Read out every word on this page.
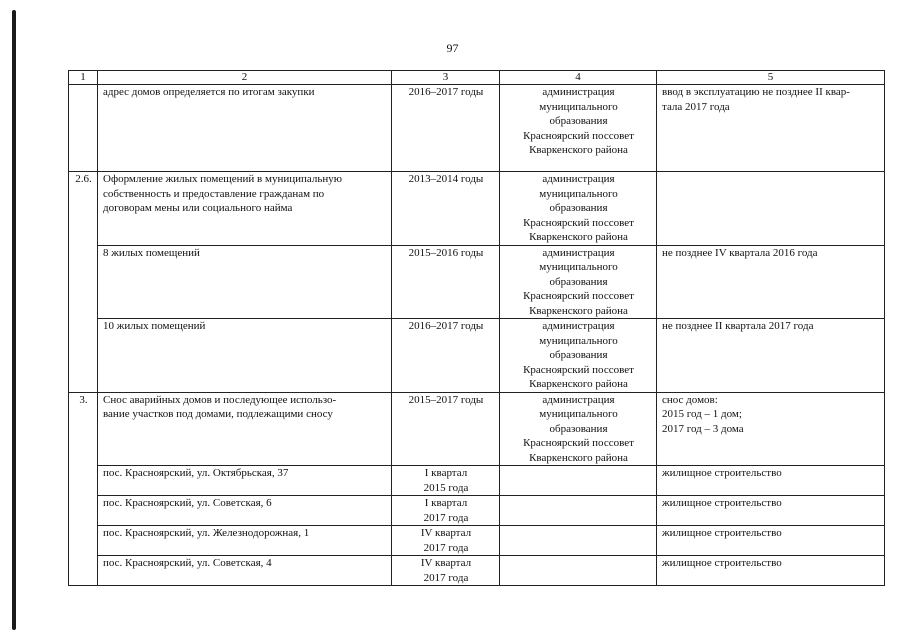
97
1	2	3	4	5
	адрес домов определяется по итогам закупки	2016–2017 годы	администрация
муниципального
образования
Красноярский поссовет
Кваркенского района	ввод в эксплуатацию не позднее II квар-
тала 2017 года
2.6.	Оформление жилых помещений в муниципальную
собственность и предоставление гражданам по
договорам мены или социального найма	2013–2014 годы	администрация
муниципального
образования
Красноярский поссовет
Кваркенского района	
	8 жилых помещений	2015–2016 годы	администрация
муниципального
образования
Красноярский поссовет
Кваркенского района	не позднее IV квартала 2016 года
	10 жилых помещений	2016–2017 годы	администрация
муниципального
образования
Красноярский поссовет
Кваркенского района	не позднее II квартала 2017 года
3.	Снос аварийных домов и последующее использо-
вание участков под домами, подлежащими сносу	2015–2017 годы	администрация
муниципального
образования
Красноярский поссовет
Кваркенского района	снос домов:
2015 год – 1 дом;
2017 год – 3 дома
	пос. Красноярский, ул. Октябрьская, 37	I квартал
2015 года		жилищное строительство
	пос. Красноярский, ул. Советская, 6	I квартал
2017 года		жилищное строительство
	пос. Красноярский, ул. Железнодорожная, 1	IV квартал
2017 года		жилищное строительство
	пос. Красноярский, ул. Советская, 4	IV квартал
2017 года		жилищное строительство
